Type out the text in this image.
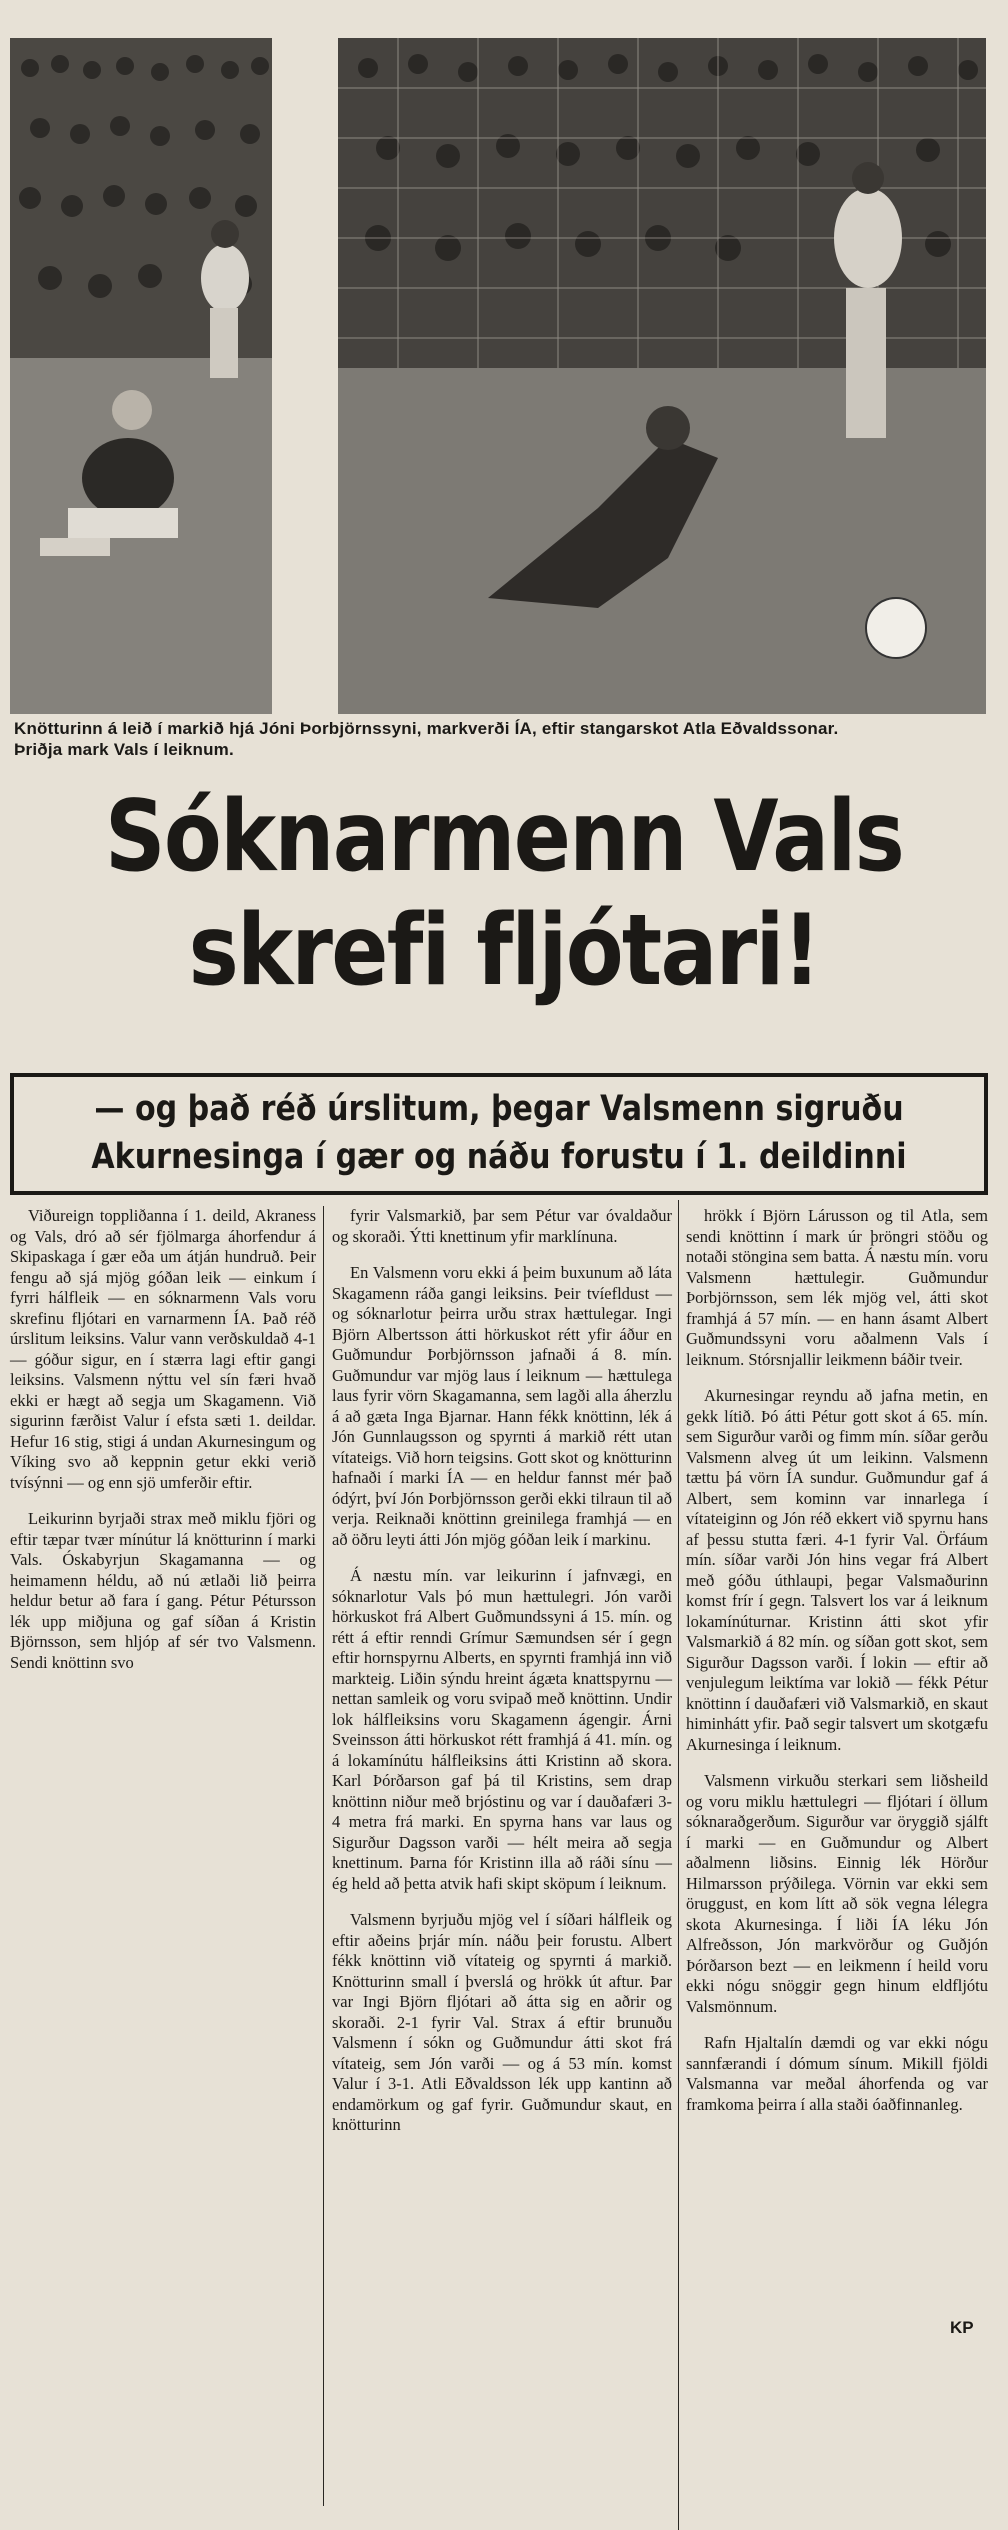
Knötturinn á leið í markið hjá Jóni Þorbjörnssyni, markverði ÍA, eftir stangarskot Atla Eðvaldssonar.
Þriðja mark Vals í leiknum.
Sóknarmenn Vals
skrefi fljótari!
— og það réð úrslitum, þegar Valsmenn sigruðu
Akurnesinga í gær og náðu forustu í 1. deildinni

Viðureign toppliðanna í 1. deild, Akraness og Vals, dró að sér fjölmarga áhorfendur á Skipaskaga í gær eða um átján hundruð. Þeir fengu að sjá mjög góðan leik — einkum í fyrri hálfleik — en sóknarmenn Vals voru skrefinu fljótari en varnarmenn ÍA. Það réð úrslitum leiksins. Valur vann verðskuldað 4-1 — góður sigur, en í stærra lagi eftir gangi leiksins. Valsmenn nýttu vel sín færi hvað ekki er hægt að segja um Skagamenn. Við sigurinn færðist Valur í efsta sæti 1. deildar. Hefur 16 stig, stigi á undan Akurnesingum og Víking svo að keppnin getur ekki verið tvísýnni — og enn sjö umferðir eftir.

Leikurinn byrjaði strax með miklu fjöri og eftir tæpar tvær mínútur lá knötturinn í marki Vals. Óskabyrjun Skagamanna — og heimamenn héldu, að nú ætlaði lið þeirra heldur betur að fara í gang. Pétur Pétursson lék upp miðjuna og gaf síðan á Kristin Björnsson, sem hljóp af sér tvo Valsmenn. Sendi knöttinn svo

fyrir Valsmarkið, þar sem Pétur var óvaldaður og skoraði. Ýtti knettinum yfir marklínuna.

En Valsmenn voru ekki á þeim buxunum að láta Skagamenn ráða gangi leiksins. Þeir tvíefldust — og sóknarlotur þeirra urðu strax hættulegar. Ingi Björn Albertsson átti hörkuskot rétt yfir áður en Guðmundur Þorbjörnsson jafnaði á 8. mín. Guðmundur var mjög laus í leiknum — hættulega laus fyrir vörn Skagamanna, sem lagði alla áherzlu á að gæta Inga Bjarnar. Hann fékk knöttinn, lék á Jón Gunnlaugsson og spyrnti á markið rétt utan vítateigs. Við horn teigsins. Gott skot og knötturinn hafnaði í marki ÍA — en heldur fannst mér það ódýrt, því Jón Þorbjörnsson gerði ekki tilraun til að verja. Reiknaði knöttinn greinilega framhjá — en að öðru leyti átti Jón mjög góðan leik í markinu.

Á næstu mín. var leikurinn í jafnvægi, en sóknarlotur Vals þó mun hættulegri. Jón varði hörkuskot frá Albert Guðmundssyni á 15. mín. og rétt á eftir renndi Grímur Sæmundsen sér í gegn eftir hornspyrnu Alberts, en spyrnti framhjá inn við markteig. Liðin sýndu hreint ágæta knattspyrnu — nettan samleik og voru svipað með knöttinn. Undir lok hálfleiksins voru Skagamenn ágengir. Árni Sveinsson átti hörkuskot rétt framhjá á 41. mín. og á lokamínútu hálfleiksins átti Kristinn að skora. Karl Þórðarson gaf þá til Kristins, sem drap knöttinn niður með brjóstinu og var í dauðafæri 3-4 metra frá marki. En spyrna hans var laus og Sigurður Dagsson varði — hélt meira að segja knettinum. Þarna fór Kristinn illa að ráði sínu — ég held að þetta atvik hafi skipt sköpum í leiknum.

Valsmenn byrjuðu mjög vel í síðari hálfleik og eftir aðeins þrjár mín. náðu þeir forustu. Albert fékk knöttinn við vítateig og spyrnti á markið. Knötturinn small í þverslá og hrökk út aftur. Þar var Ingi Björn fljótari að átta sig en aðrir og skoraði. 2-1 fyrir Val. Strax á eftir brunuðu Valsmenn í sókn og Guðmundur átti skot frá vítateig, sem Jón varði — og á 53 mín. komst Valur í 3-1. Atli Eðvaldsson lék upp kantinn að endamörkum og gaf fyrir. Guðmundur skaut, en knötturinn

hrökk í Björn Lárusson og til Atla, sem sendi knöttinn í mark úr þröngri stöðu og notaði stöngina sem batta. Á næstu mín. voru Valsmenn hættulegir. Guðmundur Þorbjörnsson, sem lék mjög vel, átti skot framhjá á 57 mín. — en hann ásamt Albert Guðmundssyni voru aðalmenn Vals í leiknum. Stórsnjallir leikmenn báðir tveir.

Akurnesingar reyndu að jafna metin, en gekk lítið. Þó átti Pétur gott skot á 65. mín. sem Sigurður varði og fimm mín. síðar gerðu Valsmenn alveg út um leikinn. Valsmenn tættu þá vörn ÍA sundur. Guðmundur gaf á Albert, sem kominn var innarlega í vítateiginn og Jón réð ekkert við spyrnu hans af þessu stutta færi. 4-1 fyrir Val. Örfáum mín. síðar varði Jón hins vegar frá Albert með góðu úthlaupi, þegar Valsmaðurinn komst frír í gegn. Talsvert los var á leiknum lokamínúturnar. Kristinn átti skot yfir Valsmarkið á 82 mín. og síðan gott skot, sem Sigurður Dagsson varði. Í lokin — eftir að venjulegum leiktíma var lokið — fékk Pétur knöttinn í dauðafæri við Valsmarkið, en skaut himinhátt yfir. Það segir talsvert um skotgæfu Akurnesinga í leiknum.

Valsmenn virkuðu sterkari sem liðsheild og voru miklu hættulegri — fljótari í öllum sóknaraðgerðum. Sigurður var öryggið sjálft í marki — en Guðmundur og Albert aðalmenn liðsins. Einnig lék Hörður Hilmarsson prýðilega. Vörnin var ekki sem öruggust, en kom lítt að sök vegna lélegra skota Akurnesinga. Í liði ÍA léku Jón Alfreðsson, Jón markvörður og Guðjón Þórðarson bezt — en leikmenn í heild voru ekki nógu snöggir gegn hinum eldfljótu Valsmönnum.

Rafn Hjaltalín dæmdi og var ekki nógu sannfærandi í dómum sínum. Mikill fjöldi Valsmanna var meðal áhorfenda og var framkoma þeirra í alla staði óaðfinnanleg.

KP
